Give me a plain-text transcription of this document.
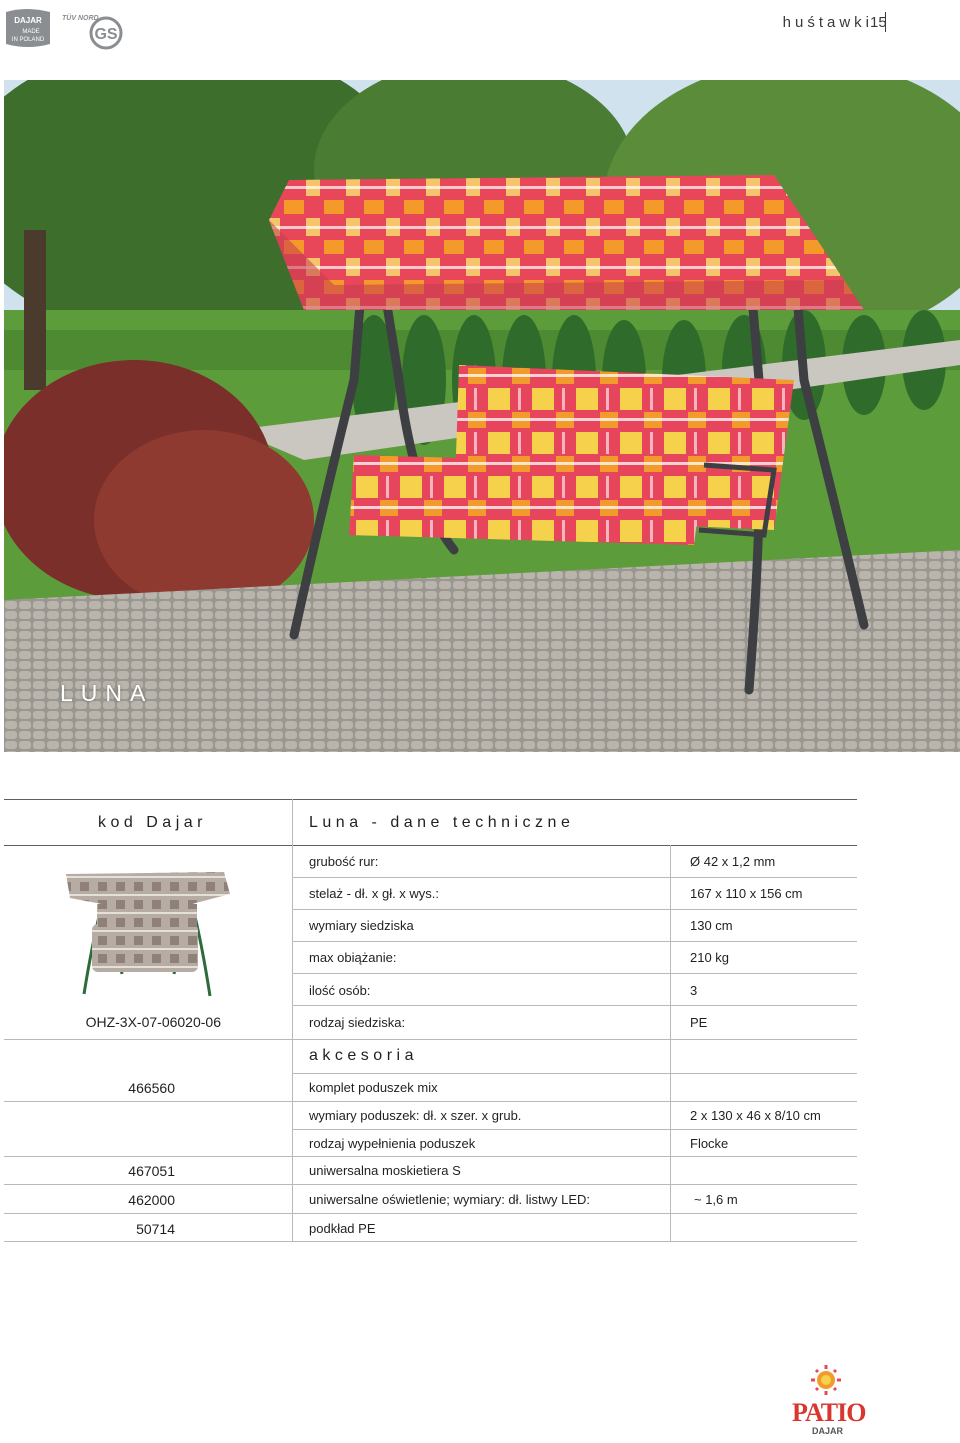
DAJAR
MADE
IN POLAND
TÜV NORD
GS
huśtawki
15
LUNA
kod Dajar	Luna - dane techniczne
OHZ-3X-07-06020-06
grubość rur:	Ø 42 x 1,2 mm
stelaż - dł. x gł. x wys.:	167 x 110 x 156 cm
wymiary siedziska	130 cm
max obiążanie:	210 kg
ilość osób:	3
rodzaj siedziska:	PE
akcesoria
466560	komplet poduszek mix
wymiary poduszek: dł. x szer. x grub.	2 x 130 x 46 x 8/10 cm
rodzaj wypełnienia poduszek	Flocke
467051	uniwersalna moskietiera S
462000	uniwersalne oświetlenie; wymiary: dł. listwy LED:	~ 1,6 m
50714	podkład PE
PATIO
DAJAR
